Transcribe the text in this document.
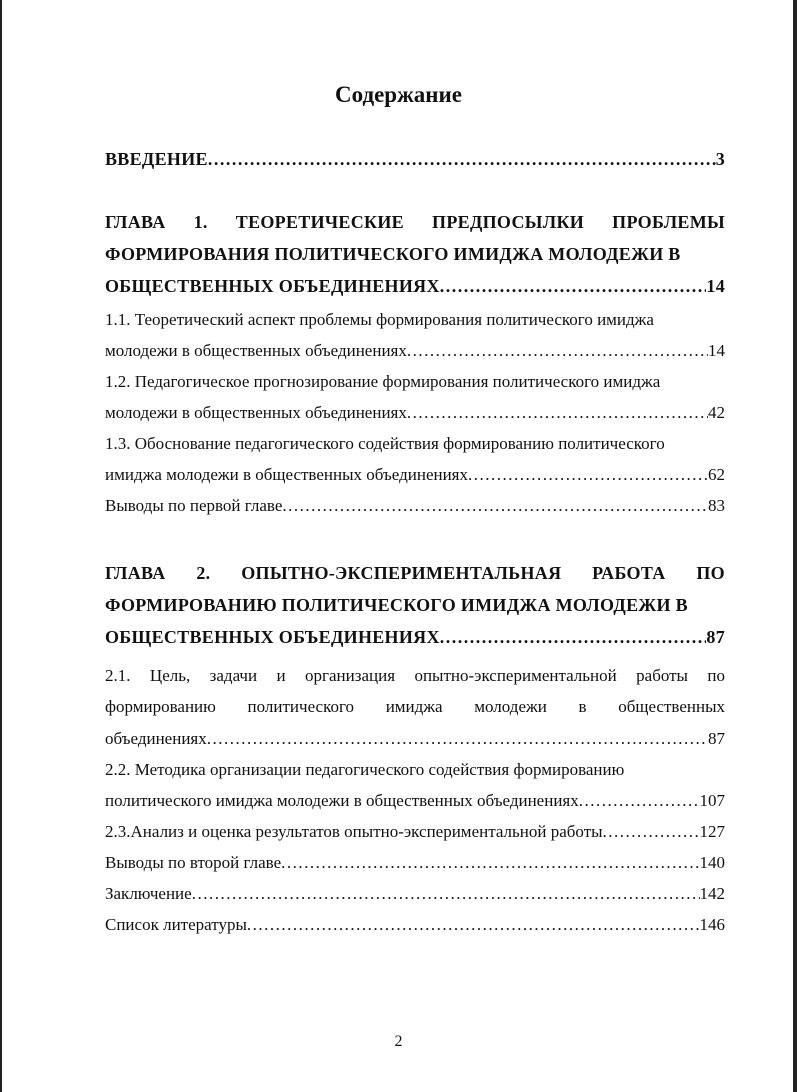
Содержание
ВВЕДЕНИЕ .....	3
ГЛАВА 1. ТЕОРЕТИЧЕСКИЕ ПРЕДПОСЫЛКИ ПРОБЛЕМЫ
ФОРМИРОВАНИЯ ПОЛИТИЧЕСКОГО ИМИДЖА МОЛОДЕЖИ В
ОБЩЕСТВЕННЫХ ОБЪЕДИНЕНИЯХ .....	14
1.1. Теоретический аспект проблемы формирования политического имиджа
молодежи в общественных объединениях .....	14
1.2. Педагогическое прогнозирование формирования политического имиджа
молодежи в общественных объединениях .....	42
1.3. Обоснование педагогического содействия формированию политического
имиджа молодежи в общественных объединениях .....	62
Выводы по первой главе .....	83
ГЛАВА 2. ОПЫТНО-ЭКСПЕРИМЕНТАЛЬНАЯ РАБОТА ПО
ФОРМИРОВАНИЮ ПОЛИТИЧЕСКОГО ИМИДЖА МОЛОДЕЖИ В
ОБЩЕСТВЕННЫХ ОБЪЕДИНЕНИЯХ .....	87
2.1. Цель, задачи и организация опытно-экспериментальной работы по
формированию политического имиджа молодежи в общественных
объединениях .....	87
2.2. Методика организации педагогического содействия формированию
политического имиджа молодежи в общественных объединениях .....	107
2.3.Анализ и оценка результатов опытно-экспериментальной работы .....	127
Выводы по второй главе .....	140
Заключение .....	142
Список литературы .....	146
2
